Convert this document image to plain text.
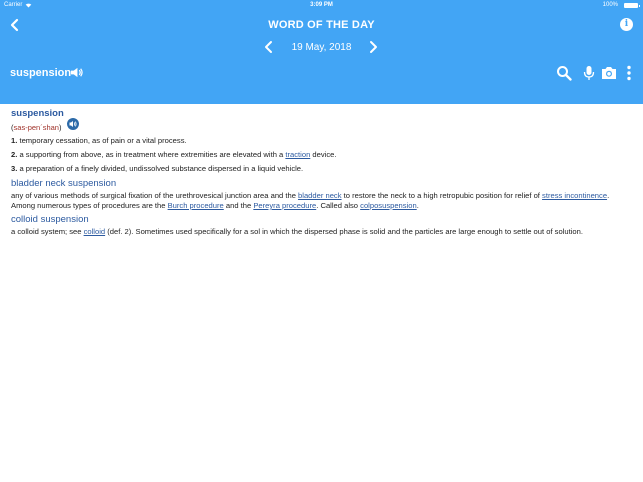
Carrier	3:09 PM	100%
WORD OF THE DAY	i
19 May, 2018
suspension
suspension
(sas-pen´shan)
1. temporary cessation, as of pain or a vital process.
2. a supporting from above, as in treatment where extremities are elevated with a traction device.
3. a preparation of a finely divided, undissolved substance dispersed in a liquid vehicle.
bladder neck suspension
any of various methods of surgical fixation of the urethrovesical junction area and the bladder neck to restore the neck to a high retropubic position for relief of stress incontinence. Among numerous types of procedures are the Burch procedure and the Pereyra procedure. Called also colposuspension.
colloid suspension
a colloid system; see colloid (def. 2). Sometimes used specifically for a sol in which the dispersed phase is solid and the particles are large enough to settle out of solution.
